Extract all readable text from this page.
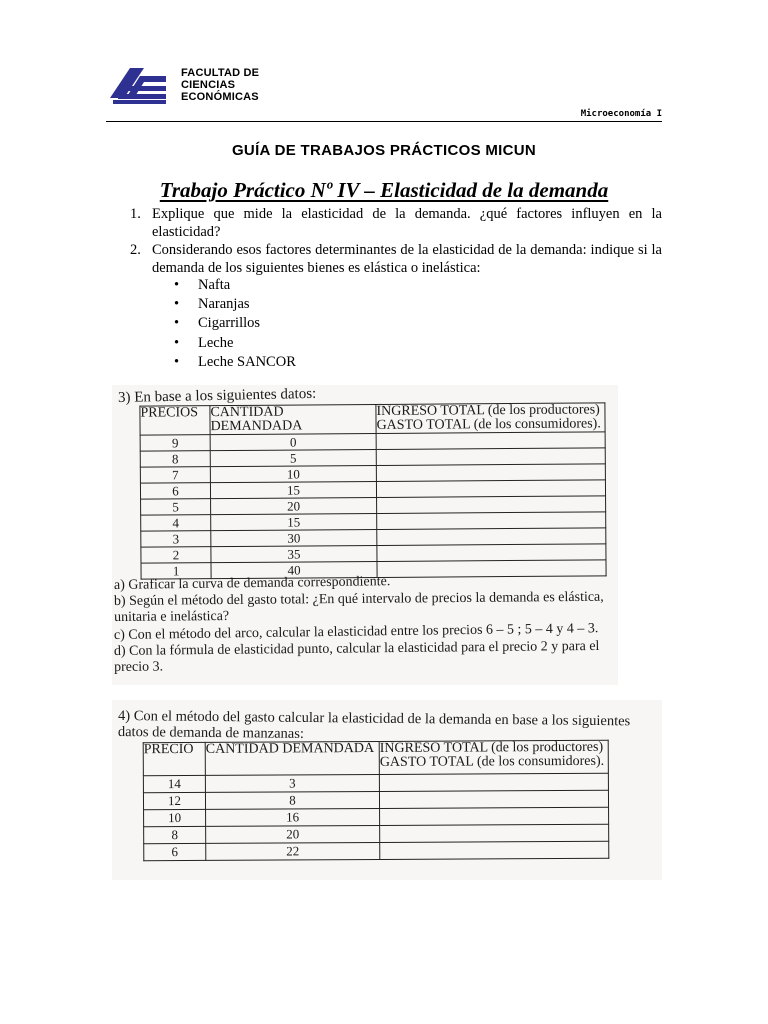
FACULTAD DE
CIENCIAS
ECONÓMICAS
Microeconomía I
GUÍA DE TRABAJOS PRÁCTICOS MICUN
Trabajo Práctico Nº IV – Elasticidad de la demanda
1. Explique que mide la elasticidad de la demanda. ¿qué factores influyen en la elasticidad?
2. Considerando esos factores determinantes de la elasticidad de la demanda: indique si la demanda de los siguientes bienes es elástica o inelástica:
• Nafta
• Naranjas
• Cigarrillos
• Leche
• Leche SANCOR
3) En base a los siguientes datos:
PRECIOS	CANTIDAD DEMANDADA	INGRESO TOTAL (de los productores)
GASTO TOTAL (de los consumidores).

9	0	
8	5	
7	10	
6	15	
5	20	
4	15	
3	30	
2	35	
1	40	
a) Graficar la curva de demanda correspondiente.
b) Según el método del gasto total: ¿En qué intervalo de precios la demanda es elástica, unitaria e inelástica?
c) Con el método del arco, calcular la elasticidad entre los precios 6 – 5 ; 5 – 4 y 4 – 3.
d) Con la fórmula de elasticidad punto, calcular la elasticidad para el precio 2 y para el precio 3.
4) Con el método del gasto calcular la elasticidad de la demanda en base a los siguientes datos de demanda de manzanas:
PRECIO	CANTIDAD DEMANDADA	INGRESO TOTAL (de los productores)
GASTO TOTAL (de los consumidores).

14	3	
12	8	
10	16	
8	20	
6	22	
